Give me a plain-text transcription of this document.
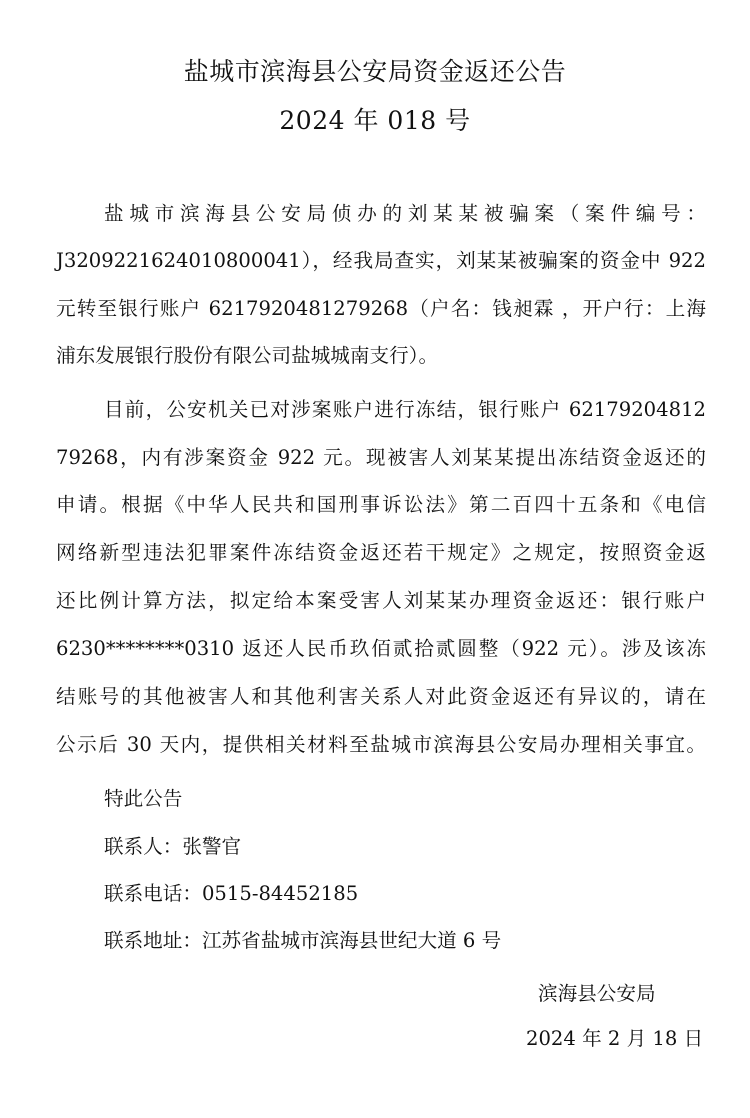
盐城市滨海县公安局资金返还公告
2024 年 018 号
盐城市滨海县公安局侦办的刘某某被骗案（案件编号：
J3209221624010800041），经我局查实，刘某某被骗案的资金中 922
元转至银行账户 6217920481279268（户名：钱昶霖 ，开户行：上海
浦东发展银行股份有限公司盐城城南支行）。
目前，公安机关已对涉案账户进行冻结，银行账户 62179204812
79268，内有涉案资金 922 元。现被害人刘某某提出冻结资金返还的
申请。根据《中华人民共和国刑事诉讼法》第二百四十五条和《电信
网络新型违法犯罪案件冻结资金返还若干规定》之规定，按照资金返
还比例计算方法，拟定给本案受害人刘某某办理资金返还：银行账户
6230********0310 返还人民币玖佰贰拾贰圆整（922 元）。涉及该冻
结账号的其他被害人和其他利害关系人对此资金返还有异议的，请在
公示后 30 天内，提供相关材料至盐城市滨海县公安局办理相关事宜。
特此公告
联系人：张警官
联系电话：0515-84452185
联系地址：江苏省盐城市滨海县世纪大道 6 号
滨海县公安局
2024 年 2 月 18 日
